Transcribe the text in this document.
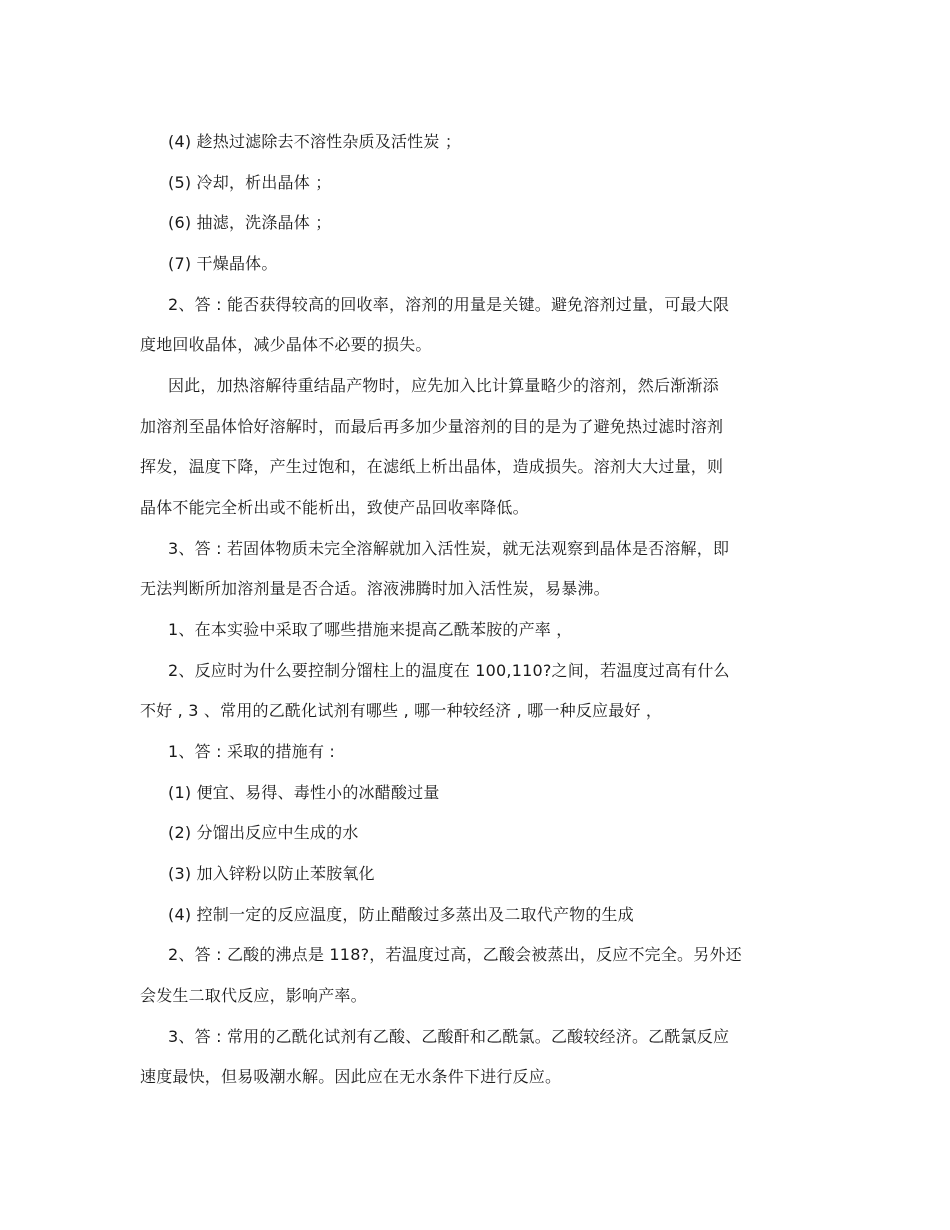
(4) 趁热过滤除去不溶性杂质及活性炭 ；
(5) 冷却，析出晶体 ；
(6) 抽滤，洗涤晶体 ；
(7) 干燥晶体。
2、答 : 能否获得较高的回收率，溶剂的用量是关键。避免溶剂过量，可最大限
度地回收晶体，减少晶体不必要的损失。
因此，加热溶解待重结晶产物时，应先加入比计算量略少的溶剂，然后渐渐添
加溶剂至晶体恰好溶解时，而最后再多加少量溶剂的目的是为了避免热过滤时溶剂
挥发，温度下降，产生过饱和，在滤纸上析出晶体，造成损失。溶剂大大过量，则
晶体不能完全析出或不能析出，致使产品回收率降低。
3、答 : 若固体物质未完全溶解就加入活性炭，就无法观察到晶体是否溶解，即
无法判断所加溶剂量是否合适。溶液沸腾时加入活性炭，易暴沸。
1、在本实验中采取了哪些措施来提高乙酰苯胺的产率 ，
2、反应时为什么要控制分馏柱上的温度在 100,110?之间，若温度过高有什么
不好 , 3 、常用的乙酰化试剂有哪些 , 哪一种较经济 , 哪一种反应最好 ，
1、答 : 采取的措施有 :
(1) 便宜、易得、毒性小的冰醋酸过量
(2) 分馏出反应中生成的水
(3) 加入锌粉以防止苯胺氧化
(4) 控制一定的反应温度，防止醋酸过多蒸出及二取代产物的生成
2、答 : 乙酸的沸点是 118?，若温度过高，乙酸会被蒸出，反应不完全。另外还
会发生二取代反应，影响产率。
3、答 : 常用的乙酰化试剂有乙酸、乙酸酐和乙酰氯。乙酸较经济。乙酰氯反应
速度最快，但易吸潮水解。因此应在无水条件下进行反应。
